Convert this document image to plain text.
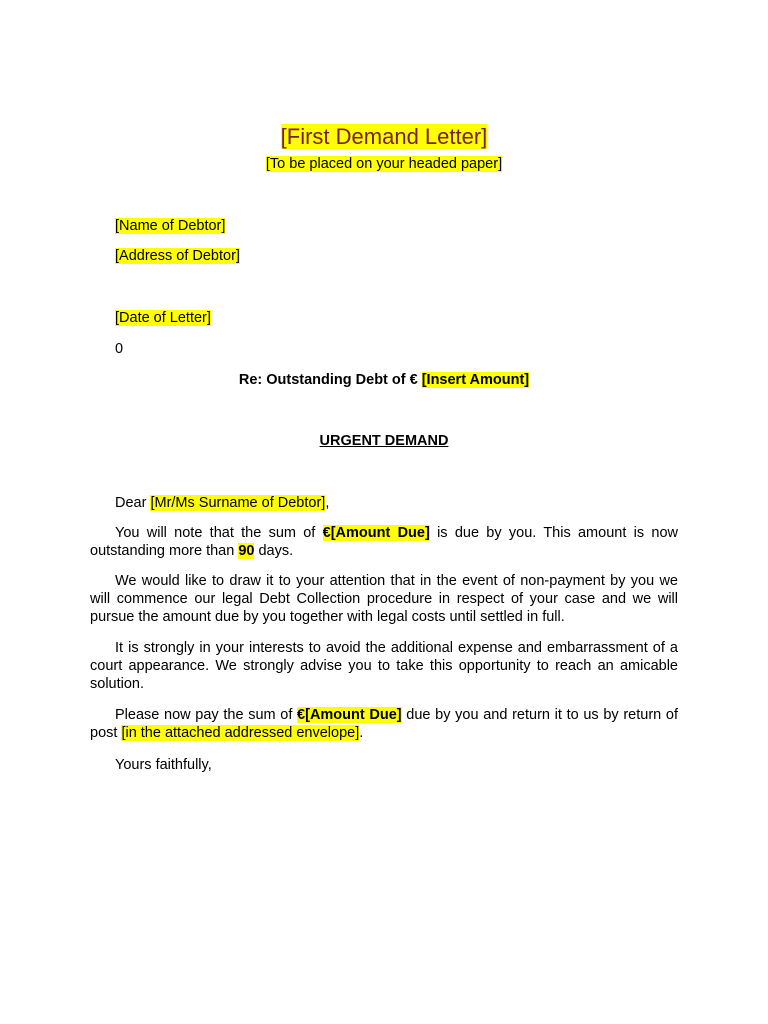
[First Demand Letter]
[To be placed on your headed paper]
[Name of Debtor]
[Address of Debtor]
[Date of Letter]
0
Re: Outstanding Debt of € [Insert Amount]
URGENT DEMAND
Dear [Mr/Ms Surname of Debtor],
You will note that the sum of €[Amount Due] is due by you. This amount is now outstanding more than 90 days.
We would like to draw it to your attention that in the event of non-payment by you we will commence our legal Debt Collection procedure in respect of your case and we will pursue the amount due by you together with legal costs until settled in full.
It is strongly in your interests to avoid the additional expense and embarrassment of a court appearance. We strongly advise you to take this opportunity to reach an amicable solution.
Please now pay the sum of €[Amount Due] due by you and return it to us by return of post [in the attached addressed envelope].
Yours faithfully,
